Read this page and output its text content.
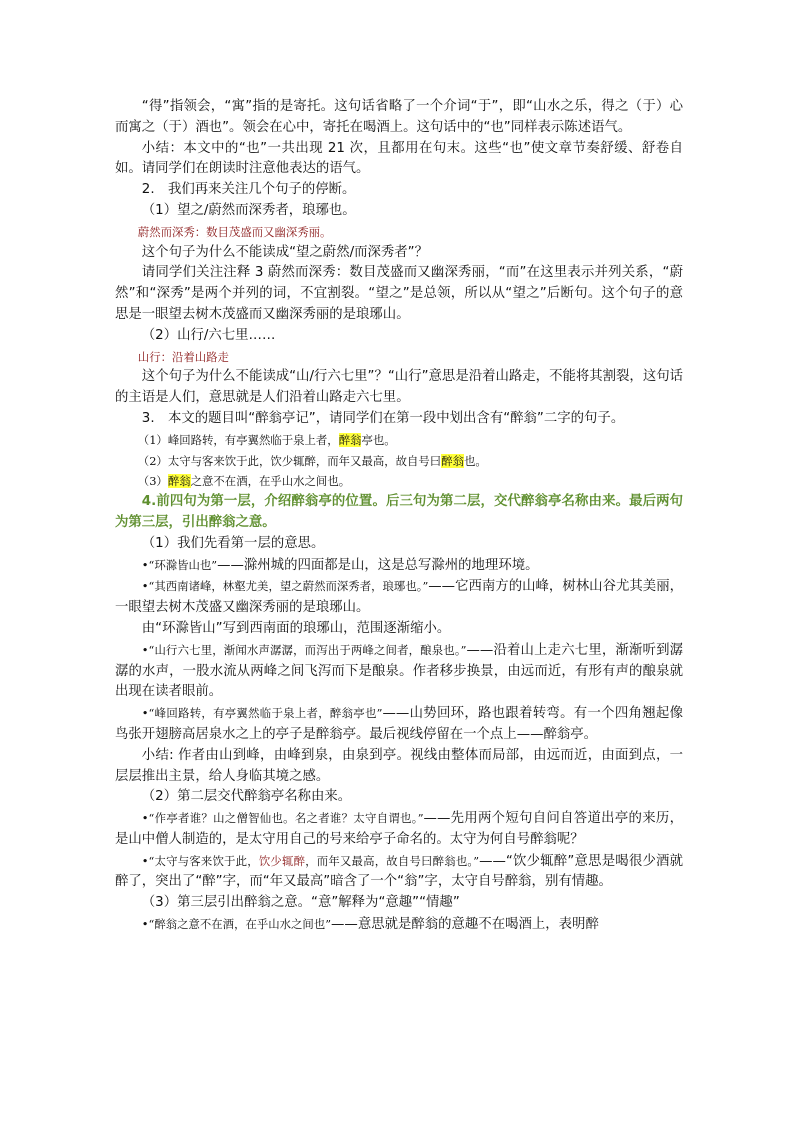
“得”指领会，“寓”指的是寄托。这句话省略了一个介词“于”，即“山水之乐，得之（于）心而寓之（于）酒也”。领会在心中，寄托在喝酒上。这句话中的“也”同样表示陈述语气。

小结：本文中的“也”一共出现 21 次，且都用在句末。这些“也”使文章节奏舒缓、舒卷自如。请同学们在朗读时注意他表达的语气。

2.　我们再来关注几个句子的停断。

（1）望之/蔚然而深秀者，琅琊也。

蔚然而深秀：数目茂盛而又幽深秀丽。

这个句子为什么不能读成“望之蔚然/而深秀者”？

请同学们关注注释 3 蔚然而深秀：数目茂盛而又幽深秀丽，“而”在这里表示并列关系，“蔚然”和“深秀”是两个并列的词，不宜割裂。“望之”是总领，所以从“望之”后断句。这个句子的意思是一眼望去树木茂盛而又幽深秀丽的是琅琊山。

（2）山行/六七里……

山行：沿着山路走

这个句子为什么不能读成“山/行六七里”？“山行”意思是沿着山路走，不能将其割裂，这句话的主语是人们，意思就是人们沿着山路走六七里。

3.　本文的题目叫“醉翁亭记”，请同学们在第一段中划出含有“醉翁”二字的句子。

（1）峰回路转，有亭翼然临于泉上者，醉翁亭也。

（2）太守与客来饮于此，饮少辄醉，而年又最高，故自号曰醉翁也。

（3）醉翁之意不在酒，在乎山水之间也。

4.前四句为第一层，介绍醉翁亭的位置。后三句为第二层，交代醉翁亭名称由来。最后两句为第三层，引出醉翁之意。

（1）我们先看第一层的意思。

•“环滁皆山也”——滁州城的四面都是山，这是总写滁州的地理环境。

•“其西南诸峰，林壑尤美，望之蔚然而深秀者，琅琊也。”——它西南方的山峰，树林山谷尤其美丽，一眼望去树木茂盛又幽深秀丽的是琅琊山。

由“环滁皆山”写到西南面的琅琊山，范围逐渐缩小。

•“山行六七里，渐闻水声潺潺，而泻出于两峰之间者，酿泉也。”——沿着山上走六七里，渐渐听到潺潺的水声，一股水流从两峰之间飞泻而下是酿泉。作者移步换景，由远而近，有形有声的酿泉就出现在读者眼前。

•“峰回路转，有亭翼然临于泉上者，醉翁亭也”——山势回环，路也跟着转弯。有一个四角翘起像鸟张开翅膀高居泉水之上的亭子是醉翁亭。最后视线停留在一个点上——醉翁亭。

小结: 作者由山到峰，由峰到泉，由泉到亭。视线由整体而局部，由远而近，由面到点，一层层推出主景，给人身临其境之感。

（2）第二层交代醉翁亭名称由来。

•“作亭者谁？山之僧智仙也。名之者谁？太守自谓也。”——先用两个短句自问自答道出亭的来历，是山中僧人制造的，是太守用自己的号来给亭子命名的。太守为何自号醉翁呢？

•“太守与客来饮于此，饮少辄醉，而年又最高，故自号曰醉翁也。”——“饮少辄醉”意思是喝很少酒就醉了，突出了“醉”字，而“年又最高”暗含了一个“翁”字，太守自号醉翁，别有情趣。

（3）第三层引出醉翁之意。“意”解释为“意趣”“情趣”

•“醉翁之意不在酒，在乎山水之间也”——意思就是醉翁的意趣不在喝酒上，表明醉
